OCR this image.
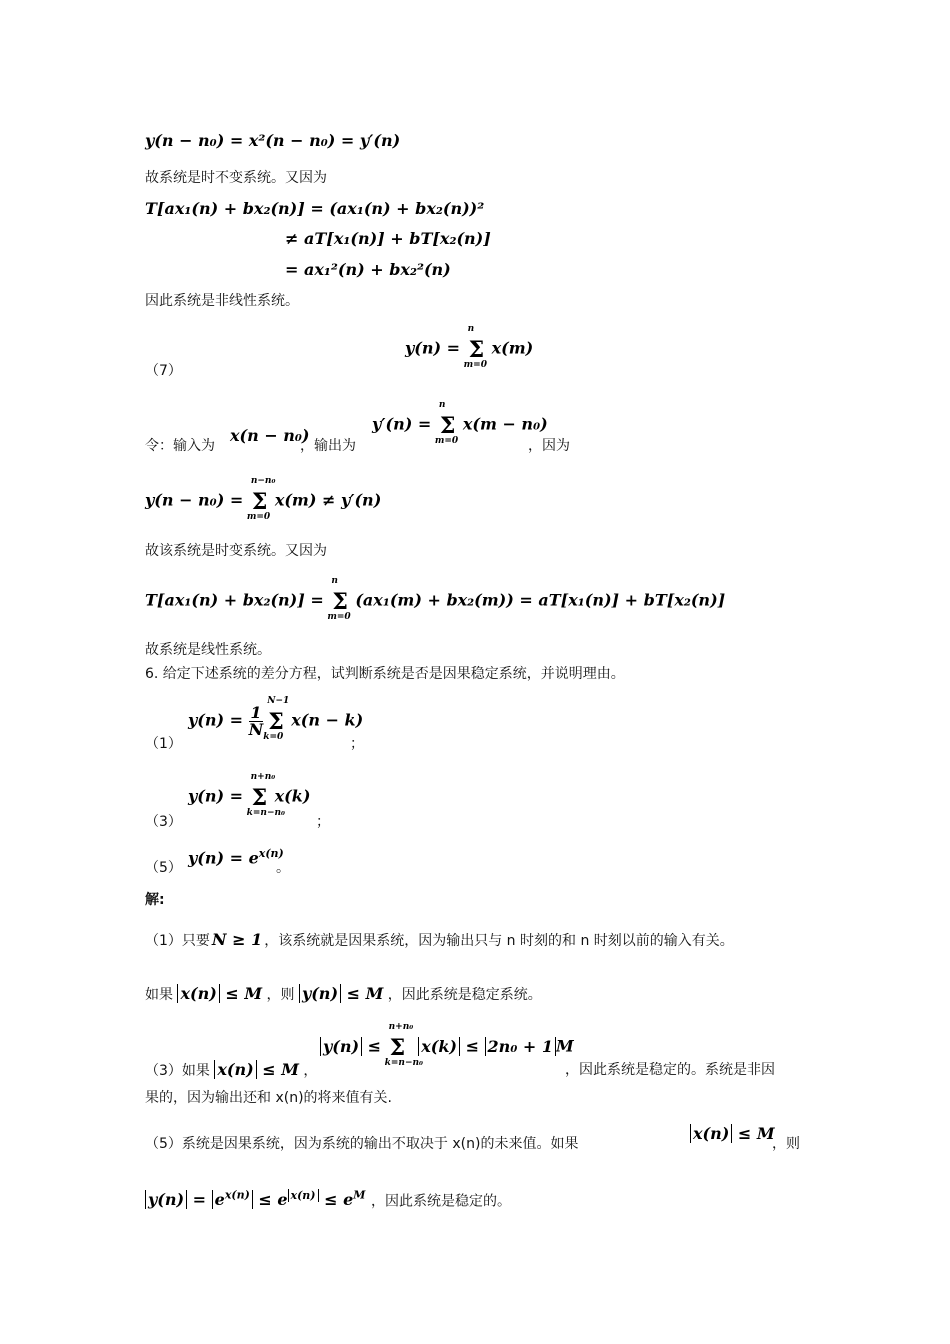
y(n − n₀) = x²(n − n₀) = y′(n)
故系统是时不变系统。又因为
T[ax₁(n) + bx₂(n)] = (ax₁(n) + bx₂(n))²
≠ aT[x₁(n)] + bT[x₂(n)]
= ax₁²(n) + bx₂²(n)
因此系统是非线性系统。
（7）
y(n) =
n
Σ
m=0
x(m)
令：输入为
x(n − n₀)
，输出为
y′(n) =
n
Σ
m=0
x(m − n₀)
，因为
y(n − n₀) =
n−n₀
Σ
m=0
x(m) ≠ y′(n)
故该系统是时变系统。又因为
T[ax₁(n) + bx₂(n)] =
n
Σ
m=0
(ax₁(m) + bx₂(m)) = aT[x₁(n)] + bT[x₂(n)]
故系统是线性系统。
6. 给定下述系统的差分方程，试判断系统是否是因果稳定系统，并说明理由。
（1）
$y(n) = \frac{1}{N}$
N−1
Σ
k=0
x(n − k)
；
（3）
y(n) =
n+n₀
Σ
k=n−n₀
x(k)
；
（5）
$y(n) = e^{x(n)}$
。
解:
（1）只要 N ≥ 1 ，该系统就是因果系统，因为输出只与 n 时刻的和 n 时刻以前的输入有关。
如果 x(n) ≤ M ，则 y(n) ≤ M ，因此系统是稳定系统。
（3）如果 x(n) ≤ M ，
y(n) ≤
n+n₀
Σ
k=n−n₀
x(k) ≤ 2n₀ + 1 M
，因此系统是稳定的。系统是非因
果的，因为输出还和 x(n)的将来值有关.
（5）系统是因果系统，因为系统的输出不取决于 x(n)的未来值。如果
x(n) ≤ M
，则
$y(n) = e^{x(n)} \le e$ $^{x(n)} \le e^M$ ，因此系统是稳定的。
